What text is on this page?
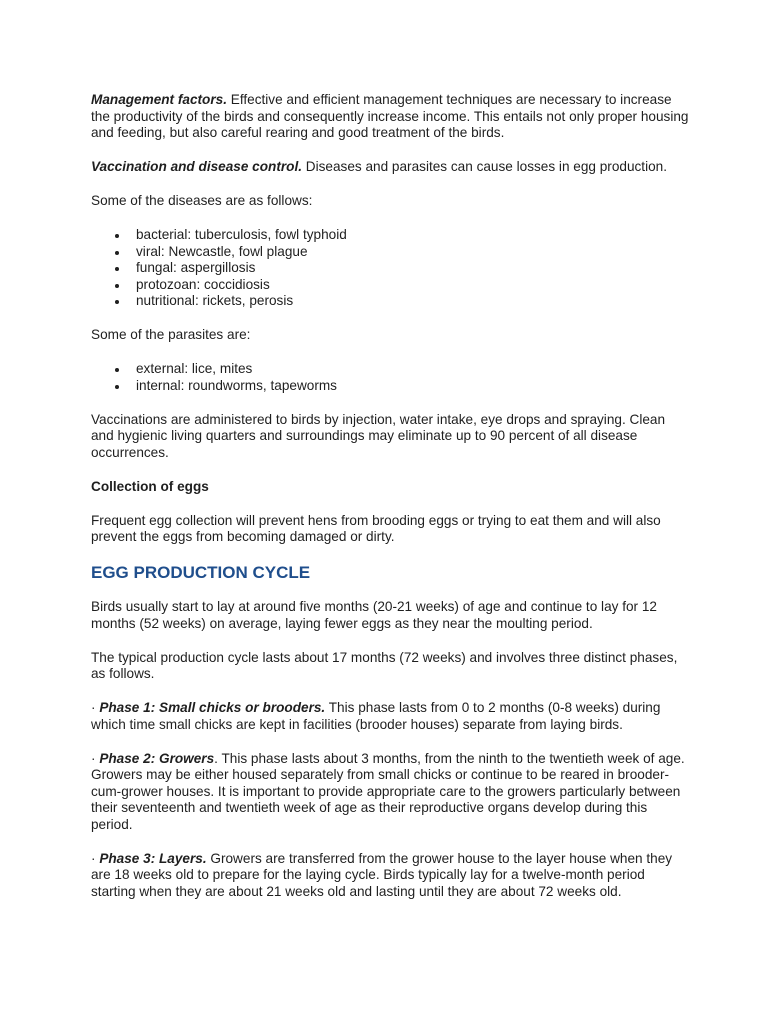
Management factors. Effective and efficient management techniques are necessary to increase the productivity of the birds and consequently increase income. This entails not only proper housing and feeding, but also careful rearing and good treatment of the birds.

Vaccination and disease control. Diseases and parasites can cause losses in egg production.

Some of the diseases are as follows:

bacterial: tuberculosis, fowl typhoid
viral: Newcastle, fowl plague
fungal: aspergillosis
protozoan: coccidiosis
nutritional: rickets, perosis

Some of the parasites are:

external: lice, mites
internal: roundworms, tapeworms

Vaccinations are administered to birds by injection, water intake, eye drops and spraying. Clean and hygienic living quarters and surroundings may eliminate up to 90 percent of all disease occurrences.

Collection of eggs

Frequent egg collection will prevent hens from brooding eggs or trying to eat them and will also prevent the eggs from becoming damaged or dirty.

EGG PRODUCTION CYCLE

Birds usually start to lay at around five months (20-21 weeks) of age and continue to lay for 12 months (52 weeks) on average, laying fewer eggs as they near the moulting period.

The typical production cycle lasts about 17 months (72 weeks) and involves three distinct phases, as follows.

· Phase 1: Small chicks or brooders. This phase lasts from 0 to 2 months (0-8 weeks) during which time small chicks are kept in facilities (brooder houses) separate from laying birds.

· Phase 2: Growers. This phase lasts about 3 months, from the ninth to the twentieth week of age. Growers may be either housed separately from small chicks or continue to be reared in brooder-cum-grower houses. It is important to provide appropriate care to the growers particularly between their seventeenth and twentieth week of age as their reproductive organs develop during this period.

· Phase 3: Layers. Growers are transferred from the grower house to the layer house when they are 18 weeks old to prepare for the laying cycle. Birds typically lay for a twelve-month period starting when they are about 21 weeks old and lasting until they are about 72 weeks old.
